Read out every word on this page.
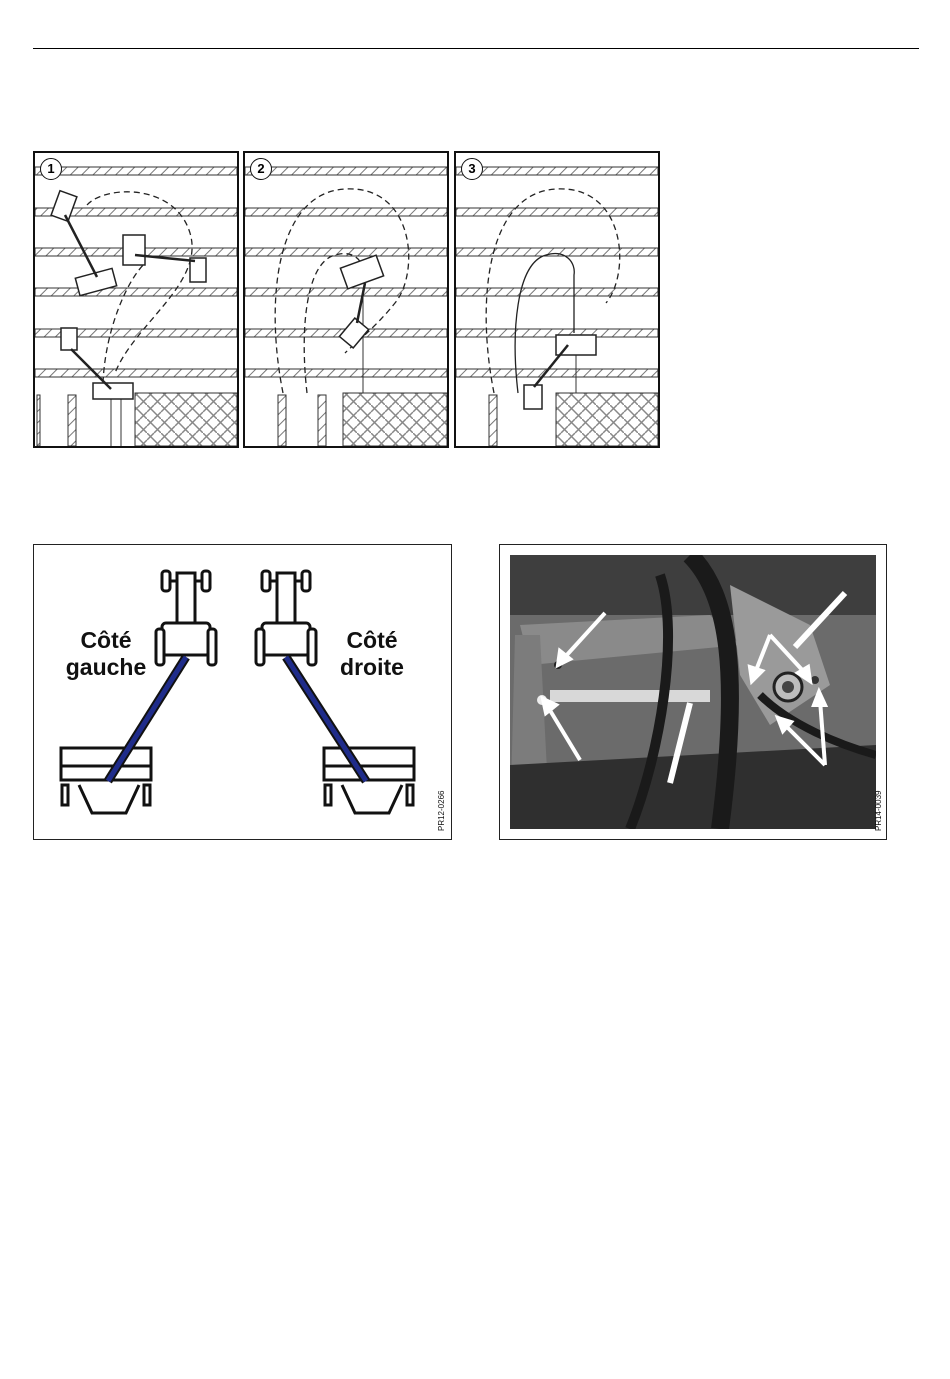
1	2	3
Côté
gauche
Côté
droite
PR12-0266	PR14-0039
